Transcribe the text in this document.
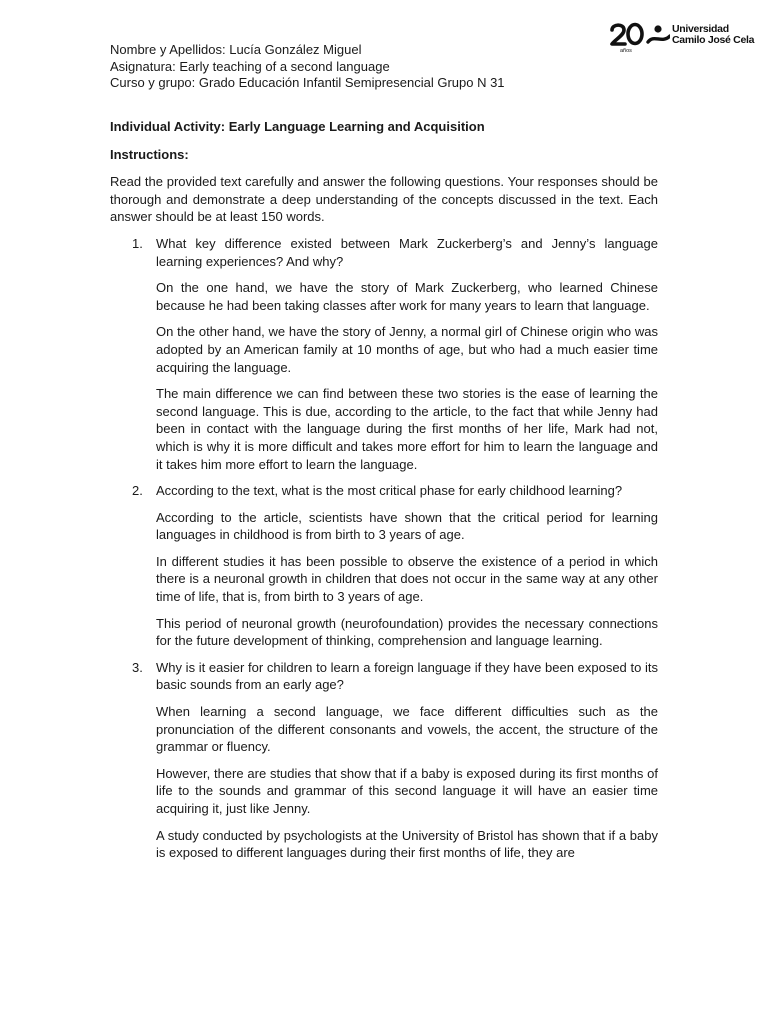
años
Universidad
Camilo José Cela
Nombre y Apellidos: Lucía González Miguel
Asignatura: Early teaching of a second language
Curso y grupo: Grado Educación Infantil Semipresencial Grupo N 31
Individual Activity: Early Language Learning and Acquisition
Instructions:
Read the provided text carefully and answer the following questions. Your responses should be thorough and demonstrate a deep understanding of the concepts discussed in the text. Each answer should be at least 150 words.
1. What key difference existed between Mark Zuckerberg’s and Jenny’s language learning experiences? And why?
On the one hand, we have the story of Mark Zuckerberg, who learned Chinese because he had been taking classes after work for many years to learn that language.
On the other hand, we have the story of Jenny, a normal girl of Chinese origin who was adopted by an American family at 10 months of age, but who had a much easier time acquiring the language.
The main difference we can find between these two stories is the ease of learning the second language. This is due, according to the article, to the fact that while Jenny had been in contact with the language during the first months of her life, Mark had not, which is why it is more difficult and takes more effort for him to learn the language and it takes him more effort to learn the language.
2. According to the text, what is the most critical phase for early childhood learning?
According to the article, scientists have shown that the critical period for learning languages in childhood is from birth to 3 years of age.
In different studies it has been possible to observe the existence of a period in which there is a neuronal growth in children that does not occur in the same way at any other time of life, that is, from birth to 3 years of age.
This period of neuronal growth (neurofoundation) provides the necessary connections for the future development of thinking, comprehension and language learning.
3. Why is it easier for children to learn a foreign language if they have been exposed to its basic sounds from an early age?
When learning a second language, we face different difficulties such as the pronunciation of the different consonants and vowels, the accent, the structure of the grammar or fluency.
However, there are studies that show that if a baby is exposed during its first months of life to the sounds and grammar of this second language it will have an easier time acquiring it, just like Jenny.
A study conducted by psychologists at the University of Bristol has shown that if a baby is exposed to different languages during their first months of life, they are
